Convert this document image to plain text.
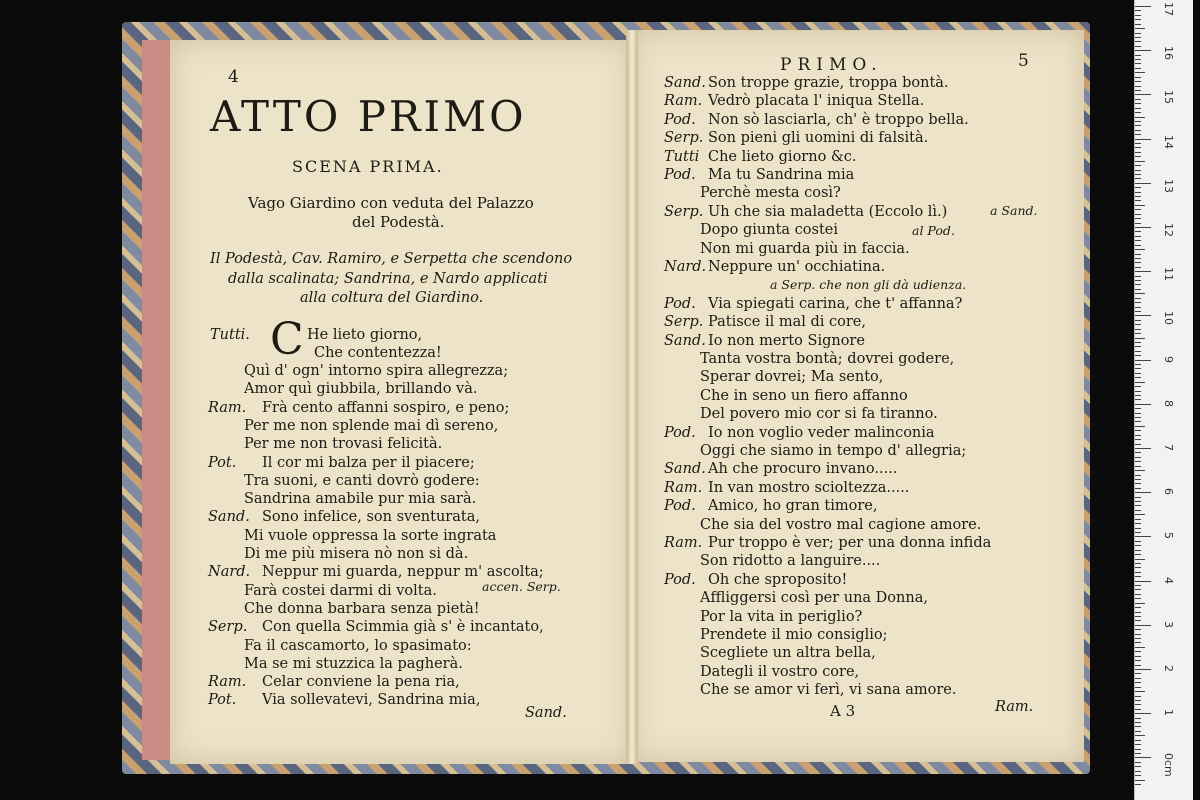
4
ATTO PRIMO
SCENA PRIMA.
Vago Giardino con veduta del Palazzo
del Podestà.
Il Podestà, Cav. Ramiro, e Serpetta che scendono
dalla scalinata; Sandrina, e Nardo applicati
alla coltura del Giardino.
Tutti. C He lieto giorno,
Che contentezza!
Quì d' ogn' intorno spira allegrezza;
Amor quì giubbila, brillando và.
Ram. Frà cento affanni sospiro, e peno;
Per me non splende mai dì sereno,
Per me non trovasi felicità.
Pot. Il cor mi balza per il piacere;
Tra suoni, e canti dovrò godere:
Sandrina amabile pur mia sarà.
Sand. Sono infelice, son sventurata,
Mi vuole oppressa la sorte ingrata
Di me più misera nò non si dà.
Nard. Neppur mi guarda, neppur m' ascolta;
Farà costei darmi di volta.
Che donna barbara senza pietà!
Serp. Con quella Scimmia già s' è incantato,
Fa il cascamorto, lo spasimato:
Ma se mi stuzzica la pagherà.
Ram. Celar conviene la pena ria,
Pot. Via sollevatevi, Sandrina mia,
accen. Serp.
Sand.
PRIMO.	5
Sand. Son troppe grazie, troppa bontà.
Ram. Vedrò placata l' iniqua Stella.
Pod. Non sò lasciarla, ch' è troppo bella.
Serp. Son pieni gli uomini di falsità.
Tutti Che lieto giorno &c.
Pod. Ma tu Sandrina mia
Perchè mesta così?
Serp. Uh che sia maladetta (Eccolo lì.)
Dopo giunta costei
Non mi guarda più in faccia.
Nard. Neppure un' occhiatina.
Pod. Via spiegati carina, che t' affanna?
Serp. Patisce il mal di core,
Sand. Io non merto Signore
Tanta vostra bontà; dovrei godere,
Sperar dovrei; Ma sento,
Che in seno un fiero affanno
Del povero mio cor si fa tiranno.
Pod. Io non voglio veder malinconia
Oggi che siamo in tempo d' allegria;
Sand. Ah che procuro invano.....
Ram. In van mostro scioltezza.....
Pod. Amico, ho gran timore,
Che sia del vostro mal cagione amore.
Ram. Pur troppo è ver; per una donna infida
Son ridotto a languire....
Pod. Oh che sproposito!
Affliggersi così per una Donna,
Por la vita in periglio?
Prendete il mio consiglio;
Scegliete un altra bella,
Dategli il vostro core,
Che se amor vi ferì, vi sana amore.
a Sand.
al Pod.
a Serp. che non gli dà udienza.
A 3	Ram.
17
16
15
14
13
12
11
10
9
8
7
6
5
4
3
2
1
0cm
